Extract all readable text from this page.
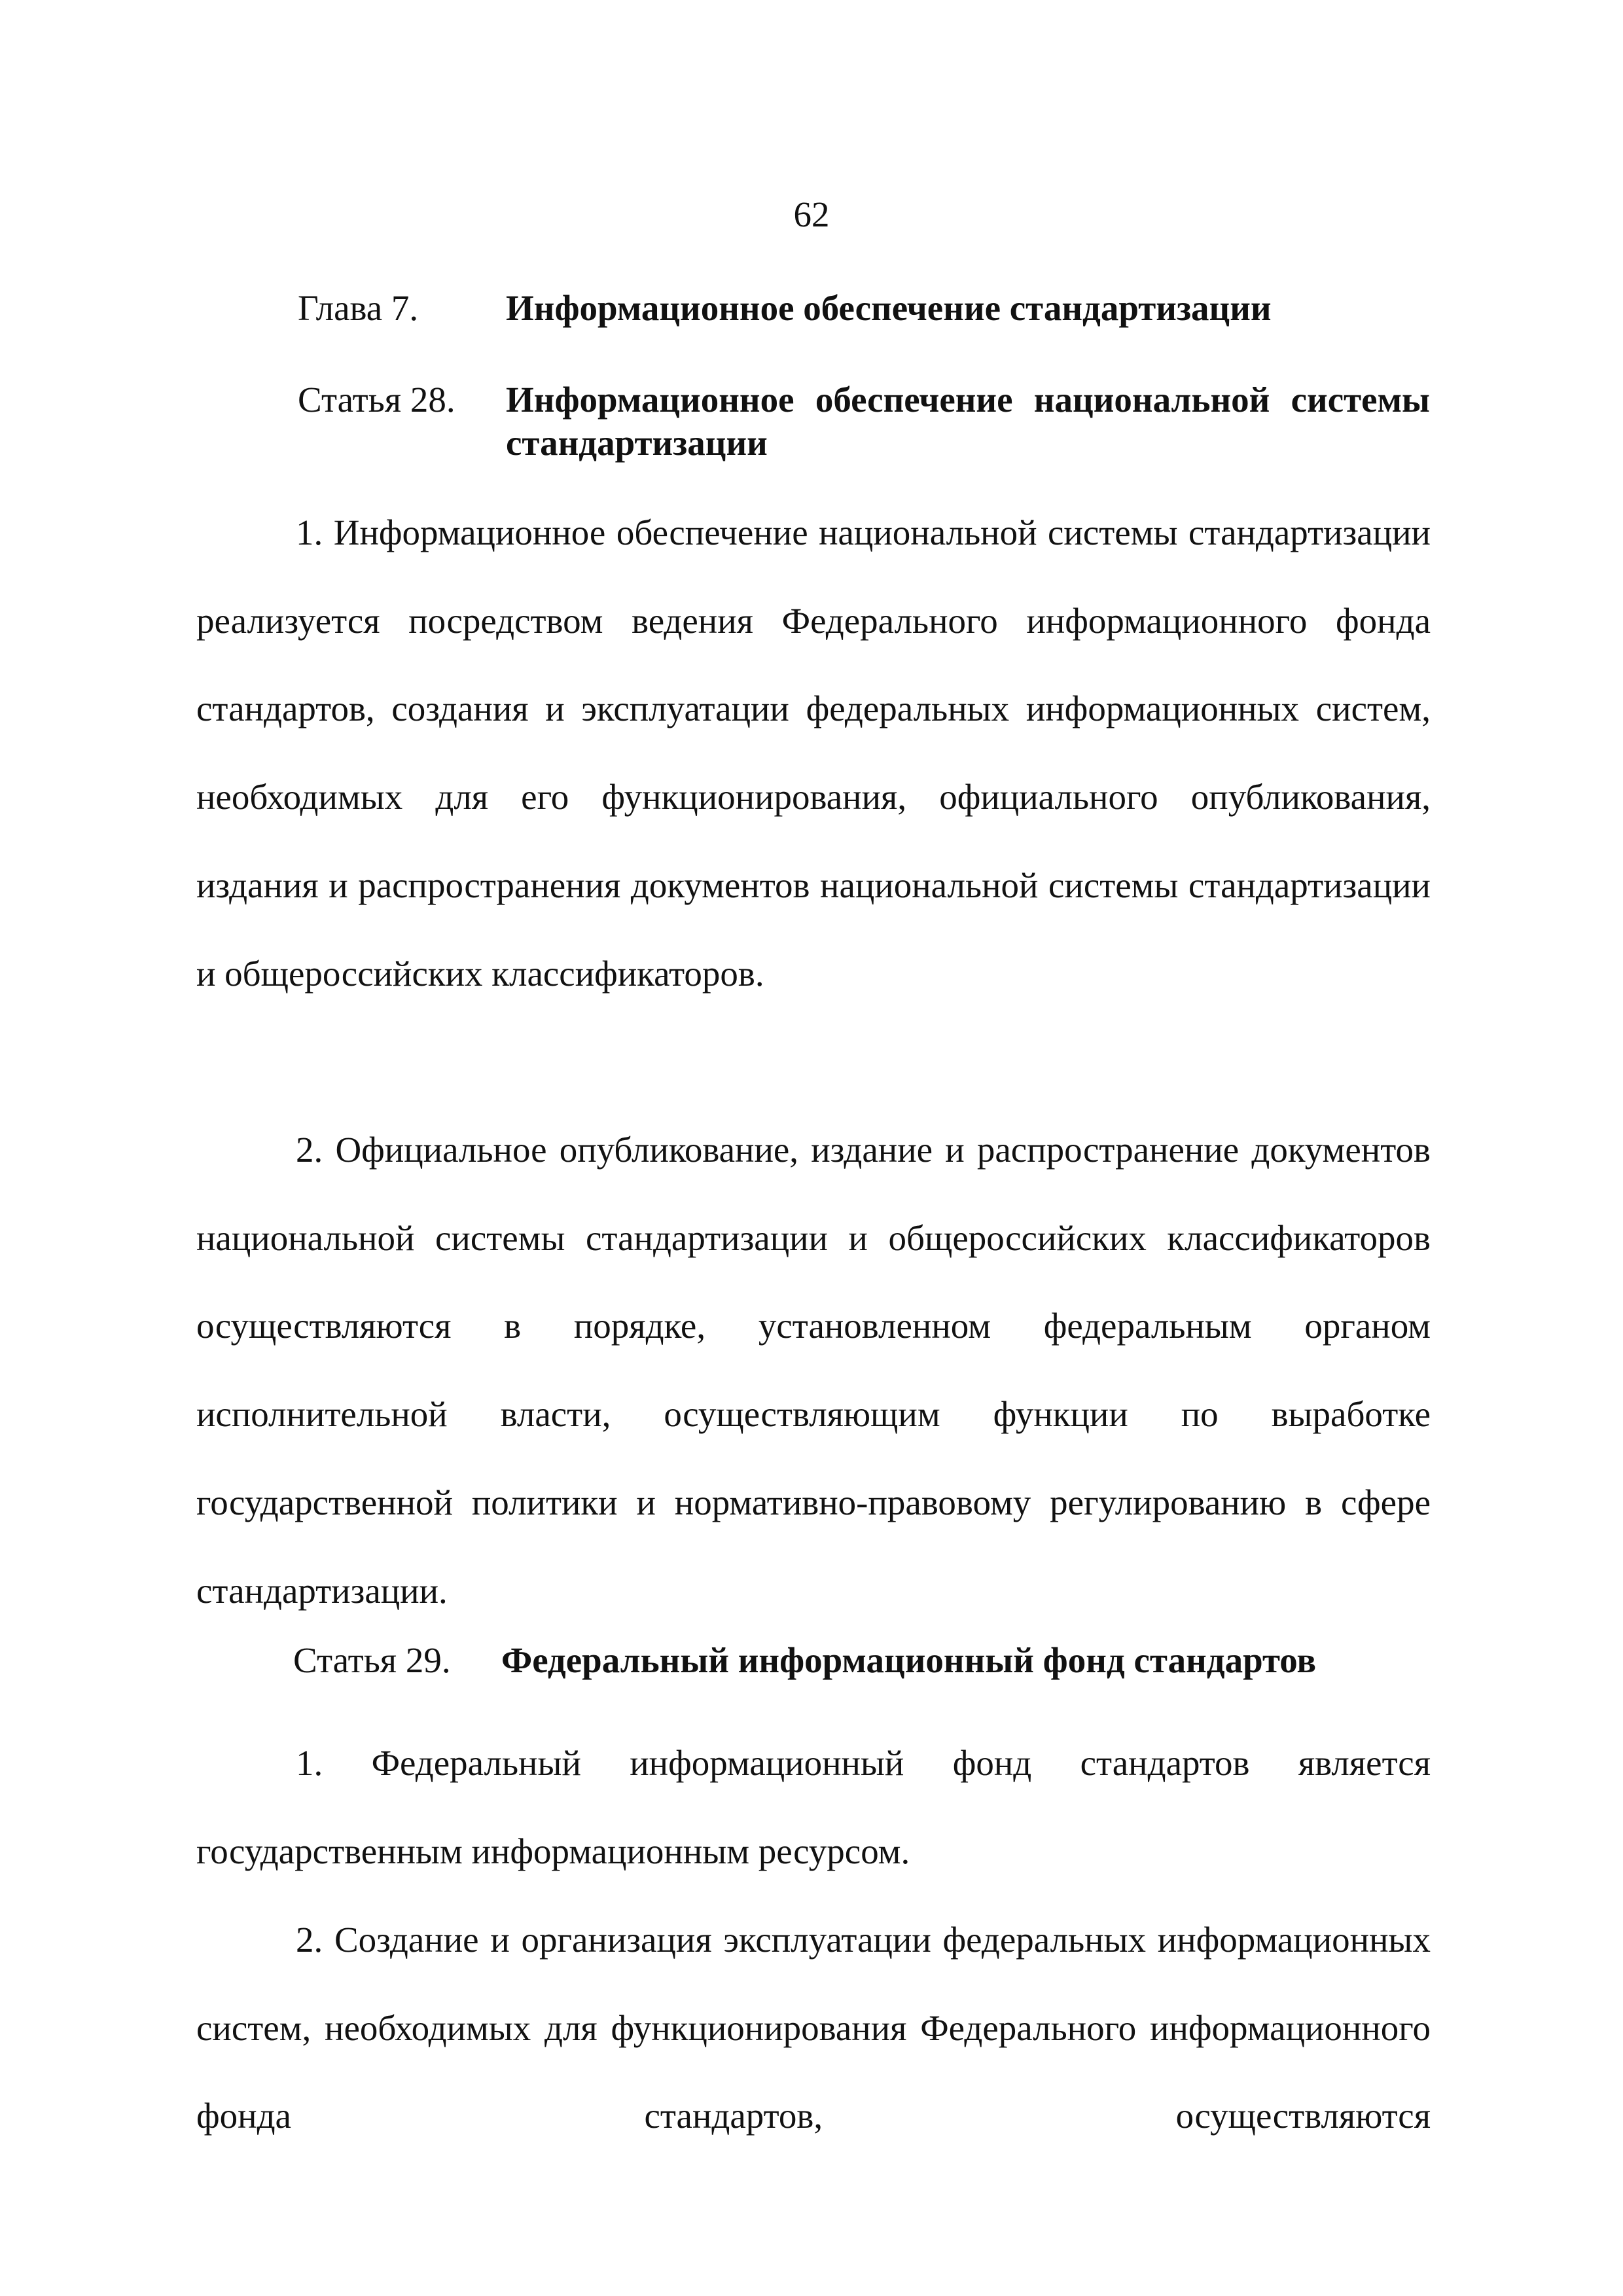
62
Глава 7. Информационное обеспечение стандартизации
Статья 28. Информационное обеспечение национальной системы стандартизации
1. Информационное обеспечение национальной системы стандартизации реализуется посредством ведения Федерального информационного фонда стандартов, создания и эксплуатации федеральных информационных систем, необходимых для его функционирования, официального опубликования, издания и распространения документов национальной системы стандартизации и общероссийских классификаторов.
2. Официальное опубликование, издание и распространение документов национальной системы стандартизации и общероссийских классификаторов осуществляются в порядке, установленном федеральным органом исполнительной власти, осуществляющим функции по выработке государственной политики и нормативно-правовому регулированию в сфере стандартизации.
Статья 29. Федеральный информационный фонд стандартов
1. Федеральный информационный фонд стандартов является государственным информационным ресурсом.
2. Создание и организация эксплуатации федеральных информационных систем, необходимых для функционирования Федерального информационного фонда стандартов, осуществляются
